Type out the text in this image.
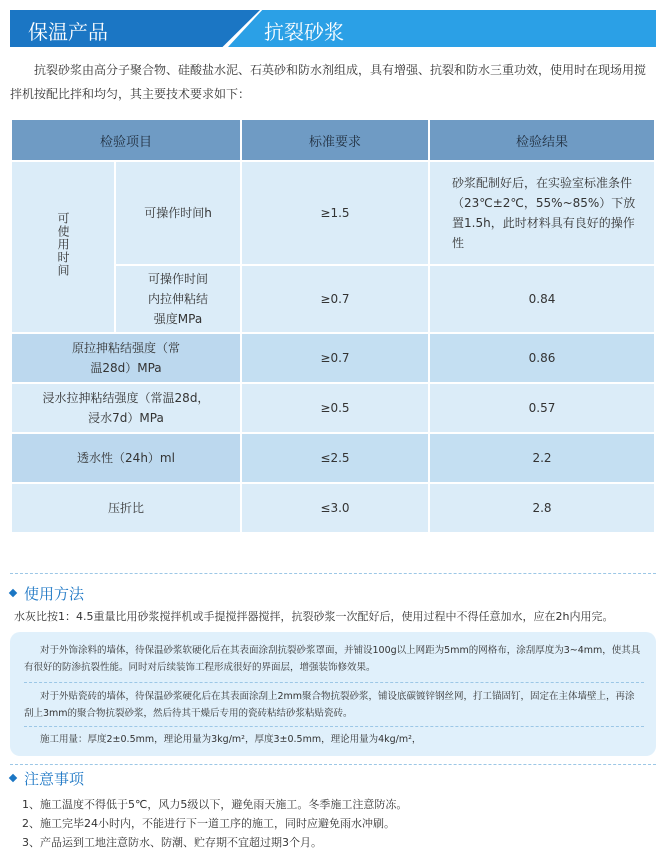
保温产品	抗裂砂浆
抗裂砂浆由高分子聚合物、硅酸盐水泥、石英砂和防水剂组成，具有增强、抗裂和防水三重功效，使用时在现场用搅拌机按配比拌和均匀，其主要技术要求如下：
检验项目		标准要求	检验结果
可使用时间	可操作时间h	≥1.5	砂浆配制好后，在实验室标准条件（23℃±2℃，55%~85%）下放置1.5h，此时材料具有良好的操作性
	可操作时间内拉伸粘结强度MPa	≥0.7	0.84
原拉抻粘结强度（常温28d）MPa		≥0.7	0.86
浸水拉抻粘结强度（常温28d，浸水7d）MPa		≥0.5	0.57
透水性（24h）ml		≤2.5	2.2
压折比		≤3.0	2.8
使用方法
水灰比按1：4.5重量比用砂浆搅拌机或手提搅拌器搅拌，抗裂砂浆一次配好后，使用过程中不得任意加水，应在2h内用完。

对于外饰涂料的墙体，待保温砂浆软硬化后在其表面涂刮抗裂砂浆罩面，并铺设100g以上网距为5mm的网格布，涂刮厚度为3~4mm，使其具有很好的防渗抗裂性能。同时对后续装饰工程形成很好的界面层，增强装饰修效果。

对于外贴瓷砖的墙体，待保温砂浆硬化后在其表面涂刮上2mm聚合物抗裂砂浆，铺设底碳镀锌钢丝网，打工锚固钉，固定在主体墙壁上，再涂刮上3mm的聚合物抗裂砂浆，然后待其干燥后专用的瓷砖粘结砂浆粘贴瓷砖。

施工用量：厚度2±0.5mm，理论用量为3kg/m²，厚度3±0.5mm，理论用量为4kg/m²，

注意事项
1、施工温度不得低于5℃，风力5级以下，避免雨天施工。冬季施工注意防冻。
2、施工完毕24小时内，不能进行下一道工序的施工，同时应避免雨水冲刷。
3、产品运到工地注意防水、防潮、贮存期不宜超过期3个月。
